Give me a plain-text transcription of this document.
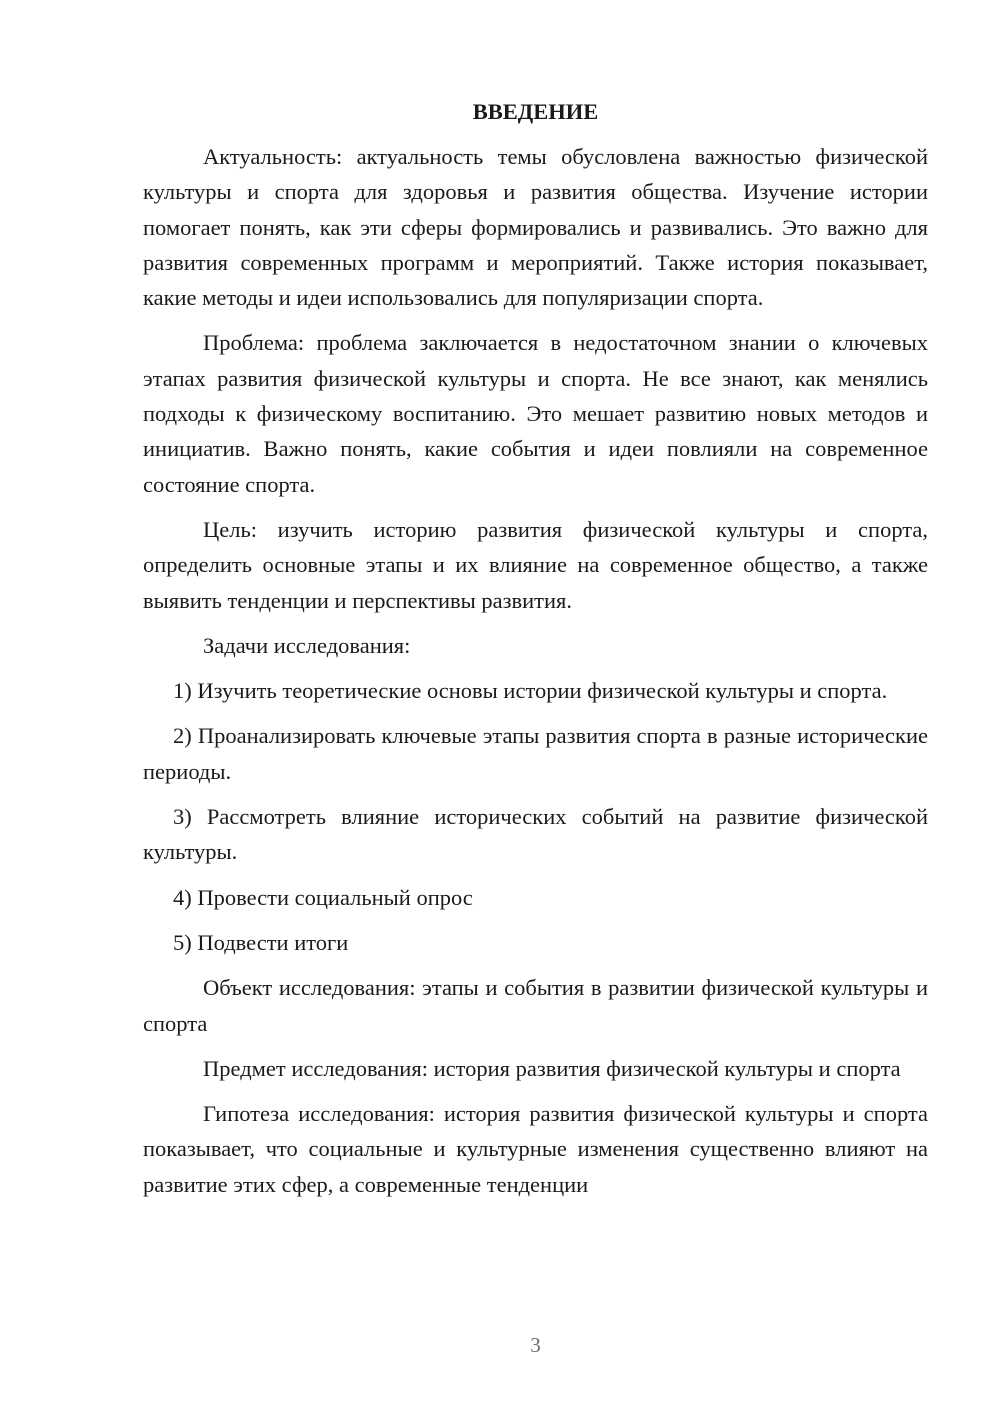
ВВЕДЕНИЕ

Актуальность: актуальность темы обусловлена важностью физической культуры и спорта для здоровья и развития общества. Изучение истории помогает понять, как эти сферы формировались и развивались. Это важно для развития современных программ и мероприятий. Также история показывает, какие методы и идеи использовались для популяризации спорта.

Проблема: проблема заключается в недостаточном знании о ключевых этапах развития физической культуры и спорта. Не все знают, как менялись подходы к физическому воспитанию. Это мешает развитию новых методов и инициатив. Важно понять, какие события и идеи повлияли на современное состояние спорта.

Цель: изучить историю развития физической культуры и спорта, определить основные этапы и их влияние на современное общество, а также выявить тенденции и перспективы развития.

Задачи исследования:

1) Изучить теоретические основы истории физической культуры и спорта.

2) Проанализировать ключевые этапы развития спорта в разные исторические периоды.

3) Рассмотреть влияние исторических событий на развитие физической культуры.

4) Провести социальный опрос

5) Подвести итоги

Объект исследования: этапы и события в развитии физической культуры и спорта

Предмет исследования: история развития физической культуры и спорта

Гипотеза исследования: история развития физической культуры и спорта показывает, что социальные и культурные изменения существенно влияют на развитие этих сфер, а современные тенденции

3
